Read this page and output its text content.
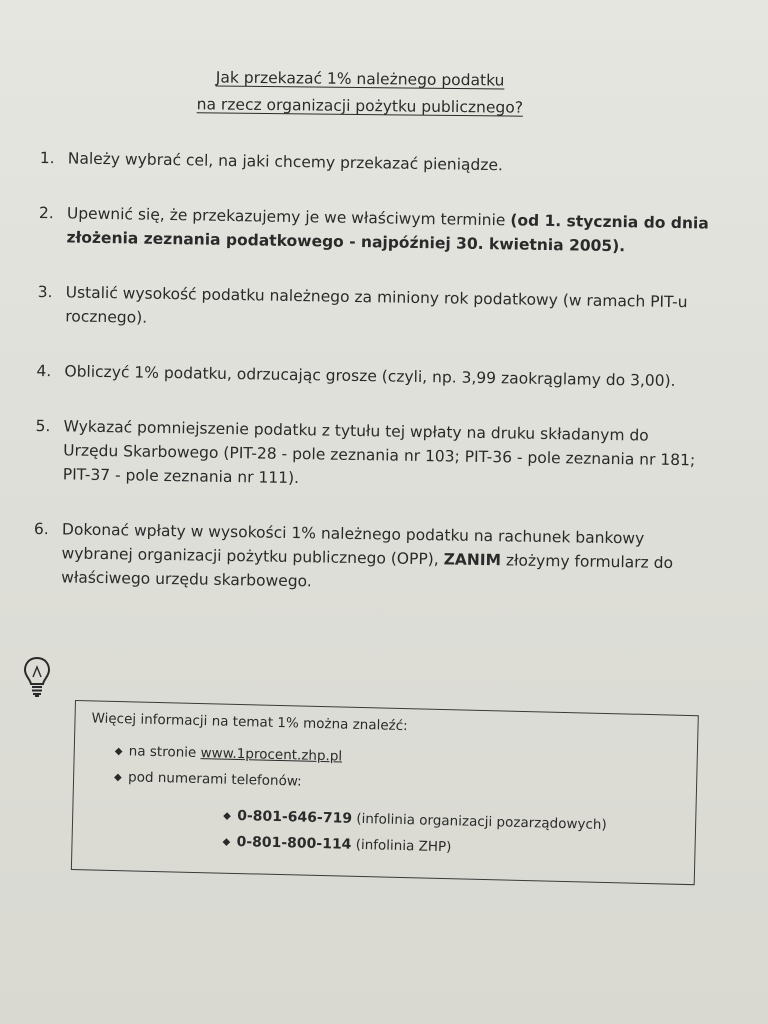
Jak przekazać 1% należnego podatku
na rzecz organizacji pożytku publicznego?
1. Należy wybrać cel, na jaki chcemy przekazać pieniądze.
2. Upewnić się, że przekazujemy je we właściwym terminie (od 1. stycznia do dnia złożenia zeznania podatkowego - najpóźniej 30. kwietnia 2005).
3. Ustalić wysokość podatku należnego za miniony rok podatkowy (w ramach PIT-u rocznego).
4. Obliczyć 1% podatku, odrzucając grosze (czyli, np. 3,99 zaokrąglamy do 3,00).
5. Wykazać pomniejszenie podatku z tytułu tej wpłaty na druku składanym do Urzędu Skarbowego (PIT-28 - pole zeznania nr 103; PIT-36 - pole zeznania nr 181; PIT-37 - pole zeznania nr 111).
6. Dokonać wpłaty w wysokości 1% należnego podatku na rachunek bankowy wybranej organizacji pożytku publicznego (OPP), ZANIM złożymy formularz do właściwego urzędu skarbowego.
Więcej informacji na temat 1% można znaleźć:
◆ na stronie www.1procent.zhp.pl
◆ pod numerami telefonów:
◆ 0-801-646-719 (infolinia organizacji pozarządowych)
◆ 0-801-800-114 (infolinia ZHP)
